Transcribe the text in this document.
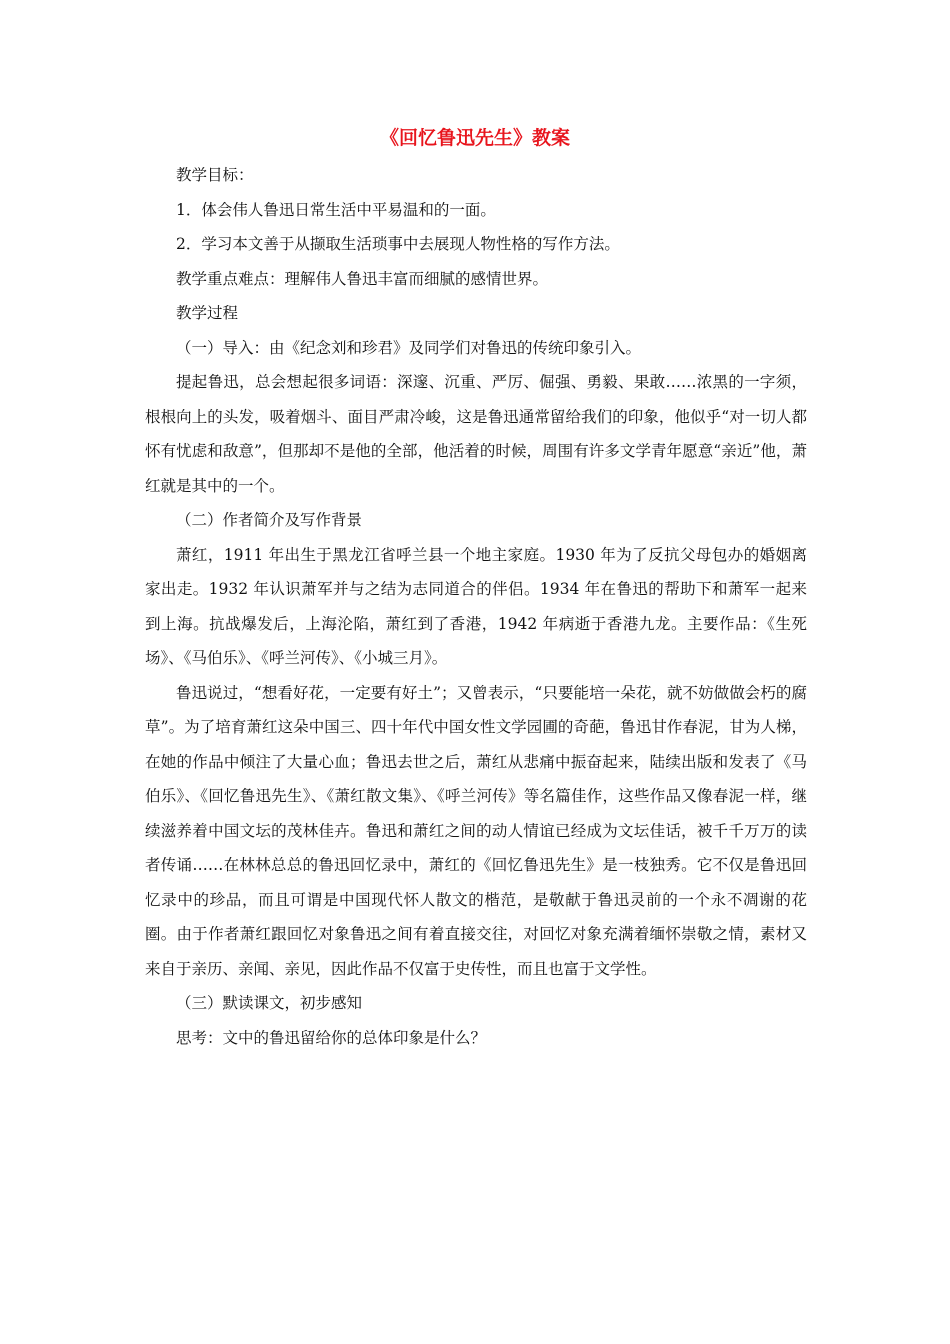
《回忆鲁迅先生》教案

教学目标：

1．体会伟人鲁迅日常生活中平易温和的一面。

2．学习本文善于从撷取生活琐事中去展现人物性格的写作方法。

教学重点难点：理解伟人鲁迅丰富而细腻的感情世界。

教学过程

（一）导入：由《纪念刘和珍君》及同学们对鲁迅的传统印象引入。

提起鲁迅，总会想起很多词语：深邃、沉重、严厉、倔强、勇毅、果敢……浓黑的一字须，根根向上的头发，吸着烟斗、面目严肃冷峻，这是鲁迅通常留给我们的印象，他似乎“对一切人都怀有忧虑和敌意”，但那却不是他的全部，他活着的时候，周围有许多文学青年愿意“亲近”他，萧红就是其中的一个。

（二）作者简介及写作背景

萧红，1911 年出生于黑龙江省呼兰县一个地主家庭。1930 年为了反抗父母包办的婚姻离家出走。1932 年认识萧军并与之结为志同道合的伴侣。1934 年在鲁迅的帮助下和萧军一起来到上海。抗战爆发后，上海沦陷，萧红到了香港，1942 年病逝于香港九龙。主要作品：《生死场》、《马伯乐》、《呼兰河传》、《小城三月》。

鲁迅说过，“想看好花，一定要有好土”；又曾表示，“只要能培一朵花，就不妨做做会朽的腐草”。为了培育萧红这朵中国三、四十年代中国女性文学园圃的奇葩，鲁迅甘作春泥，甘为人梯，在她的作品中倾注了大量心血；鲁迅去世之后，萧红从悲痛中振奋起来，陆续出版和发表了《马伯乐》、《回忆鲁迅先生》、《萧红散文集》、《呼兰河传》等名篇佳作，这些作品又像春泥一样，继续滋养着中国文坛的茂林佳卉。鲁迅和萧红之间的动人情谊已经成为文坛佳话，被千千万万的读者传诵……在林林总总的鲁迅回忆录中，萧红的《回忆鲁迅先生》是一枝独秀。它不仅是鲁迅回忆录中的珍品，而且可谓是中国现代怀人散文的楷范，是敬献于鲁迅灵前的一个永不凋谢的花圈。由于作者萧红跟回忆对象鲁迅之间有着直接交往，对回忆对象充满着缅怀崇敬之情，素材又来自于亲历、亲闻、亲见，因此作品不仅富于史传性，而且也富于文学性。

（三）默读课文，初步感知

思考：文中的鲁迅留给你的总体印象是什么？
